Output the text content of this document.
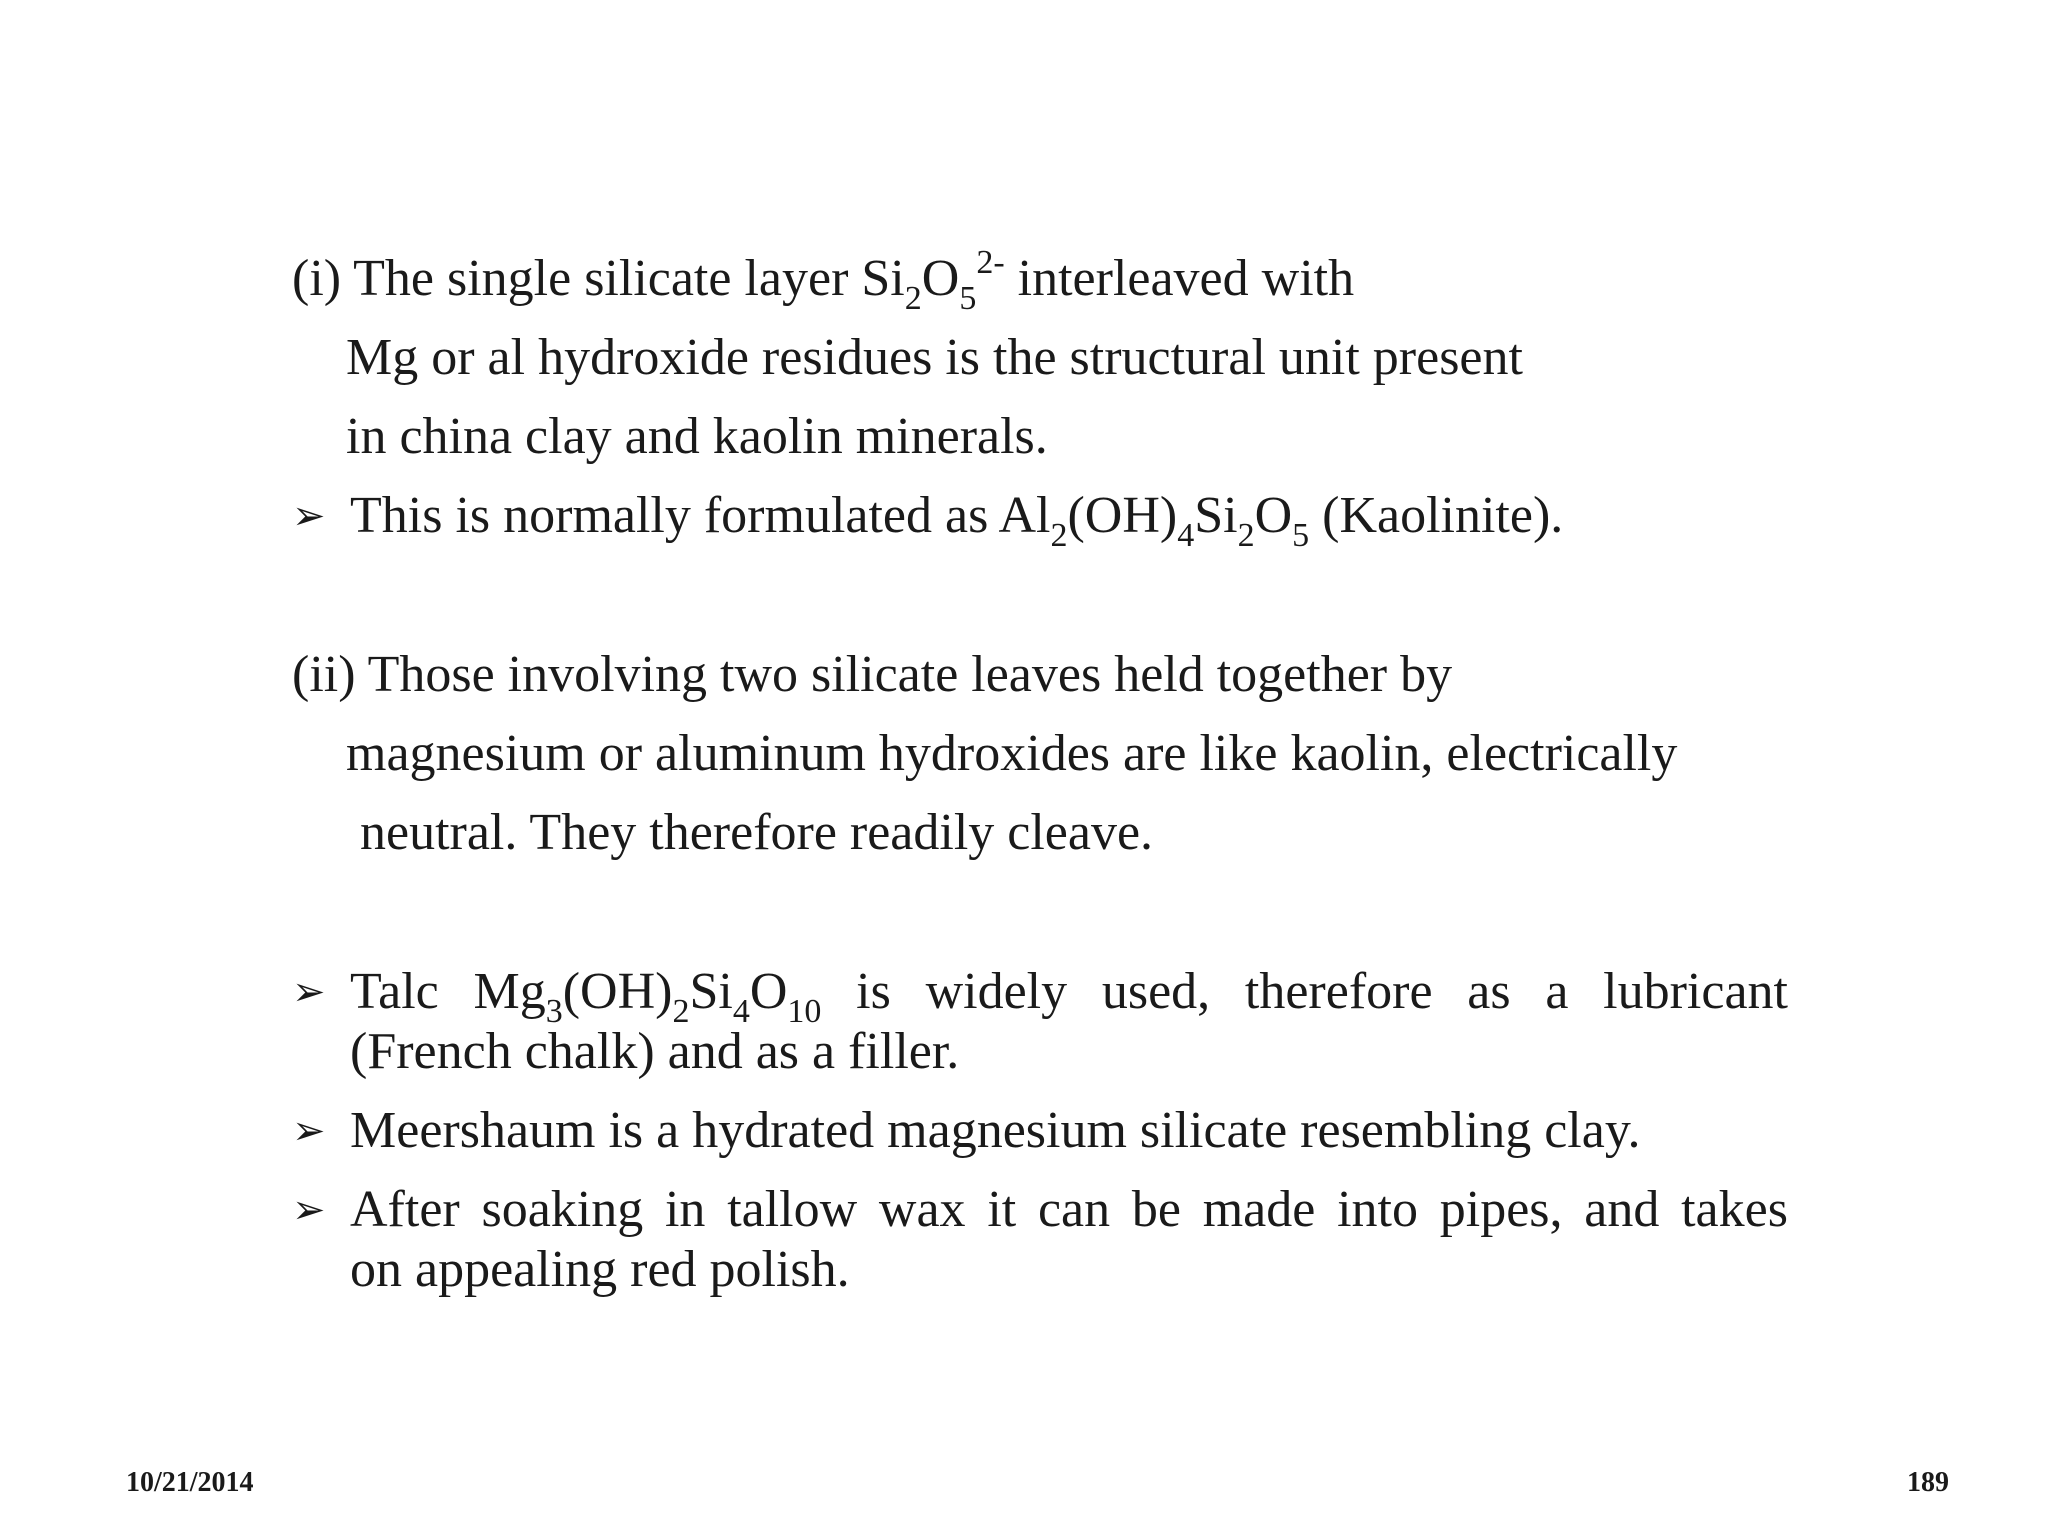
(i) The single silicate layer $Si_2O_5^{2-}$ interleaved with
Mg or al hydroxide residues is the structural unit present
in china clay and kaolin minerals.
➢ This is normally formulated as $Al_2(OH)_4Si_2O_5$ (Kaolinite).
(ii) Those involving two silicate leaves held together by
magnesium or aluminum hydroxides are like kaolin, electrically
neutral. They therefore readily cleave.
➢ Talc $Mg_3(OH)_2Si_4O_{10}$ is widely used, therefore as a lubricant
(French chalk) and as a filler.
➢ Meershaum is a hydrated magnesium silicate resembling clay.
➢ After soaking in tallow wax it can be made into pipes, and takes
on appealing red polish.
10/21/2014	189
